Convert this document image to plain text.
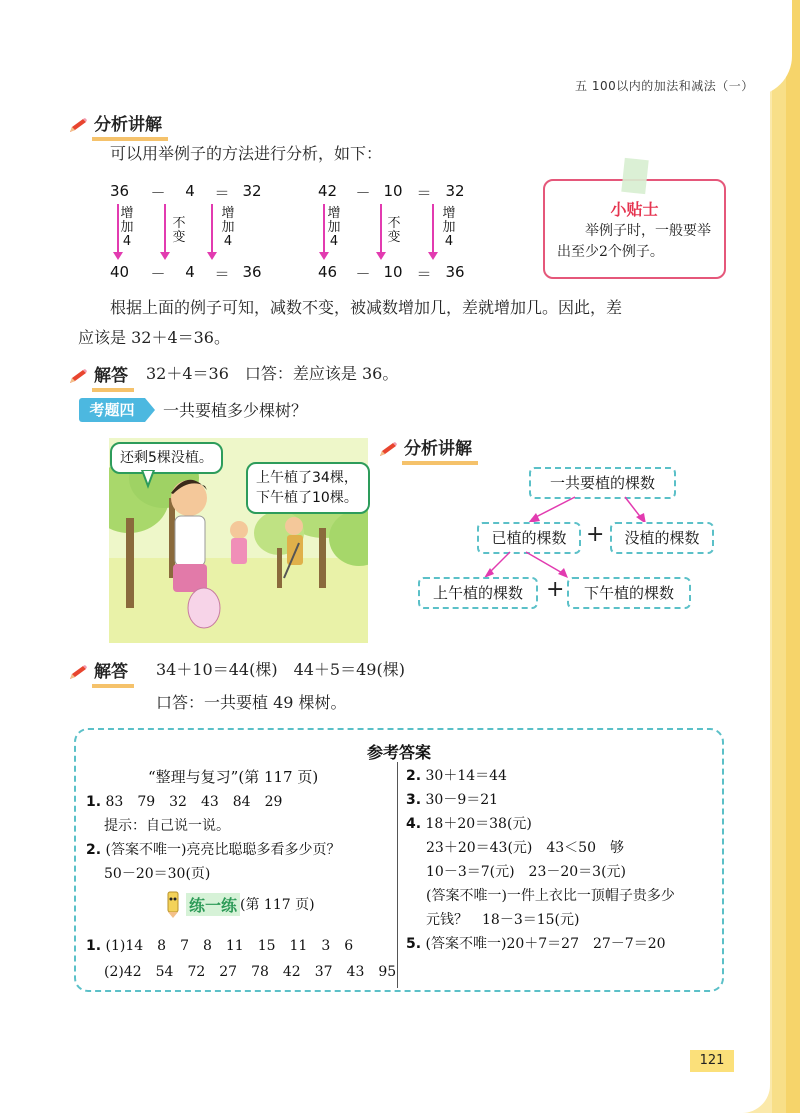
五 100以内的加法和减法（一）
分析讲解
可以用举例子的方法进行分析，如下：
36	－	4	＝ 32
增
加
4
不
变
增
加
4
40	－	4	＝ 36
42	－ 10 ＝ 32
增
加
4
不
变
增
加
4
46	－ 10 ＝ 36
小贴士
举例子时，一般要举出至少2个例子。
根据上面的例子可知，减数不变，被减数增加几，差就增加几。因此，差
应该是 32＋4＝36。
解答	32＋4＝36　口答：差应该是 36。
考题四	一共要植多少棵树？
还剩5棵没植。
上午植了34棵，
下午植了10棵。
分析讲解
一共要植的棵数
已植的棵数 +	没植的棵数
上午植的棵数	+	下午植的棵数
解答	34＋10＝44(棵)　44＋5＝49(棵)
口答：一共要植 49 棵树。
参考答案
“整理与复习”(第 117 页)
1. 83　79　32　43　84　29
提示：自己说一说。
2. (答案不唯一)亮亮比聪聪多看多少页？
50－20＝30(页)
练一练 (第 117 页)
1. (1)14　8　7　8　11　15　11　3　6
(2)42　54　72　27　78　42　37　43　95
2. 30＋14＝44
3. 30－9＝21
4. 18＋20＝38(元)
23＋20＝43(元)　43＜50　够
10－3＝7(元)　23－20＝3(元)
(答案不唯一)一件上衣比一顶帽子贵多少
元钱？　18－3＝15(元)
5. (答案不唯一)20＋7＝27　27－7＝20
121
